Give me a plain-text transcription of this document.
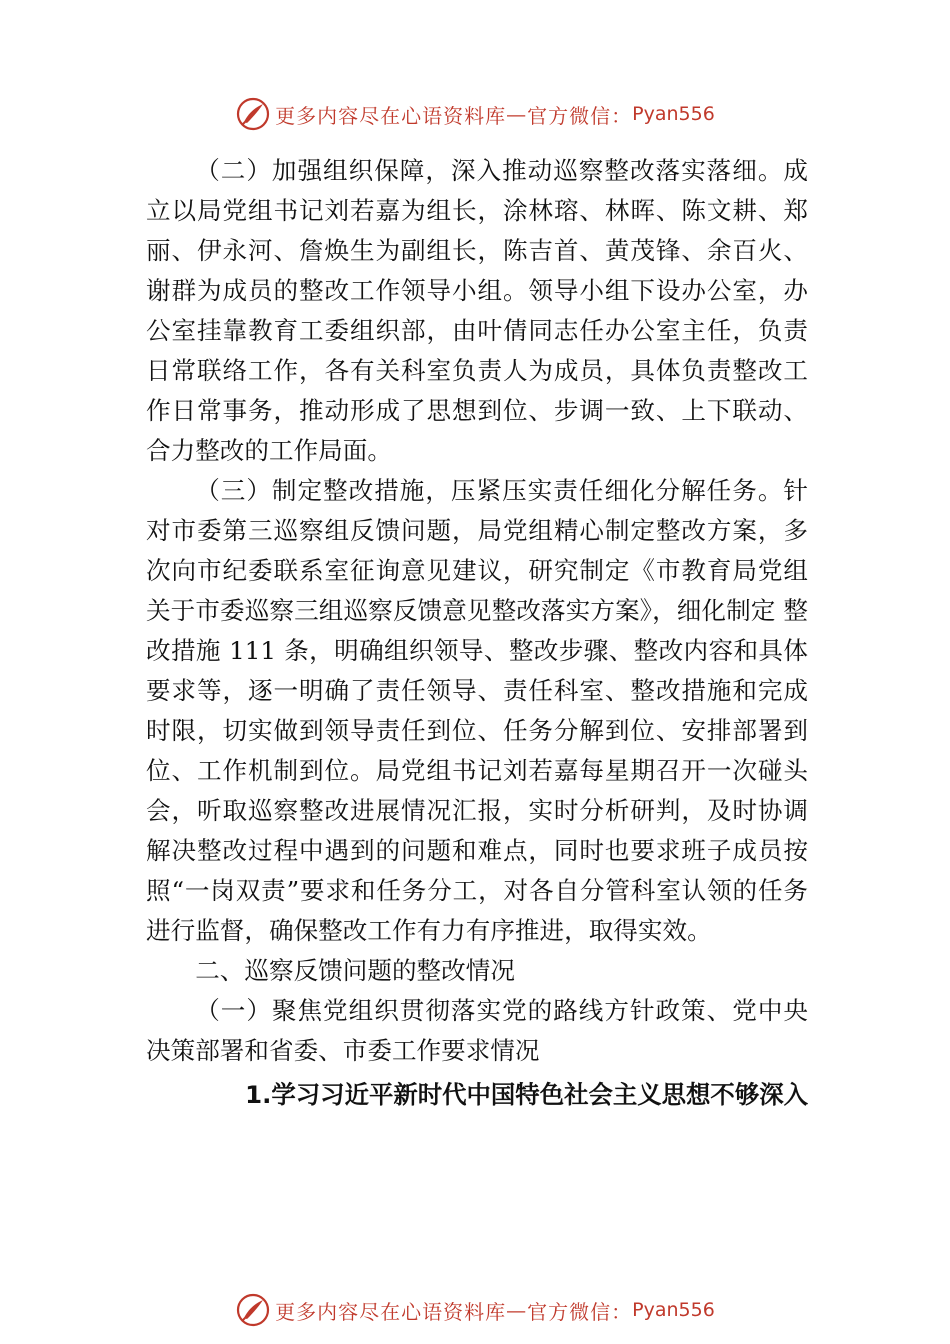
更多内容尽在心语资料库 — 官方微信： Pyan556

（二）加强组织保障，深入推动巡察整改落实落细。成立以局党组书记刘若嘉为组长，涂林瑢、林晖、陈文耕、郑丽、伊永河、詹焕生为副组长，陈吉首、黄茂锋、余百火、 谢群为成员的整改工作领导小组。领导小组下设办公室，办公室挂靠教育工委组织部，由叶倩同志任办公室主任，负责日常联络工作，各有关科室负责人为成员，具体负责整改工作日常事务，推动形成了思想到位、步调一致、上下联动、 合力整改的工作局面。

（三）制定整改措施，压紧压实责任细化分解任务。针对市委第三巡察组反馈问题，局党组精心制定整改方案，多次向市纪委联系室征询意见建议，研究制定《市教育局党组关于市委巡察三组巡察反馈意见整改落实方案》，细化制定 整改措施 111 条，明确组织领导、整改步骤、整改内容和具体要求等，逐一明确了责任领导、责任科室、整改措施和完成时限，切实做到领导责任到位、任务分解到位、安排部署到位、工作机制到位。局党组书记刘若嘉每星期召开一次碰头会，听取巡察整改进展情况汇报，实时分析研判，及时协调解决整改过程中遇到的问题和难点，同时也要求班子成员按照“一岗双责”要求和任务分工，对各自分管科室认领的任务进行监督，确保整改工作有力有序推进，取得实效。

二、巡察反馈问题的整改情况

（一）聚焦党组织贯彻落实党的路线方针政策、党中央决策部署和省委、市委工作要求情况

1.学习习近平新时代中国特色社会主义思想不够深入

更多内容尽在心语资料库 — 官方微信： Pyan556
